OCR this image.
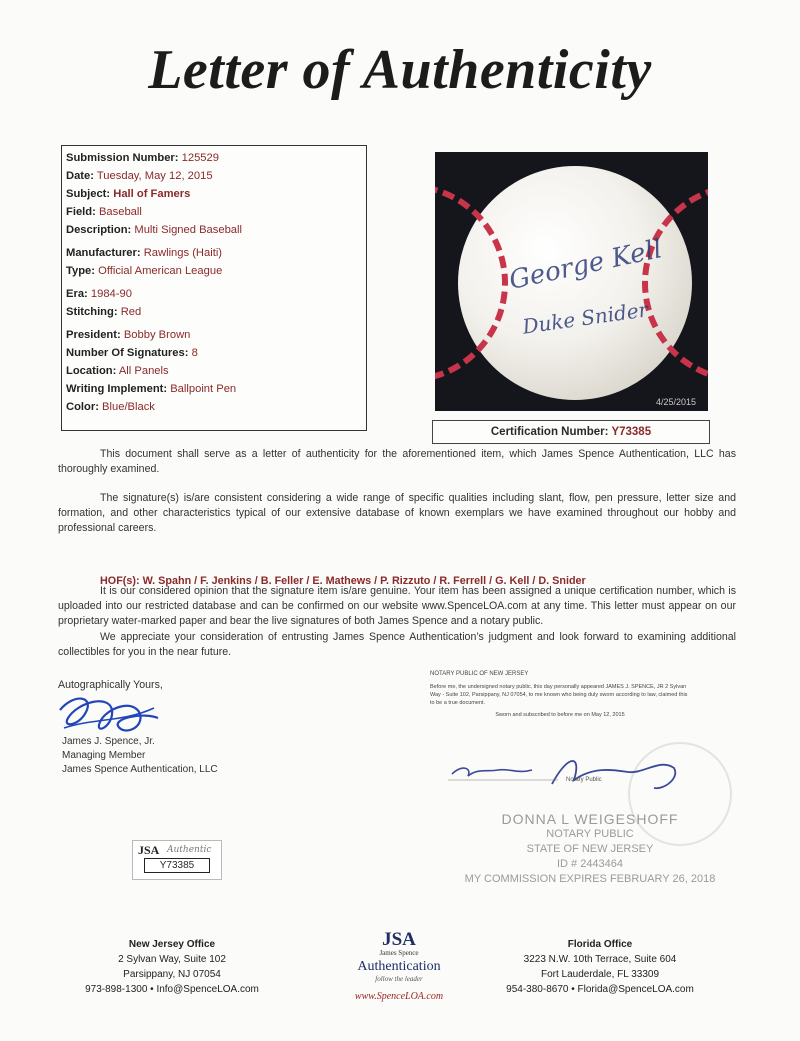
Letter of Authenticity
Submission Number: 125529
Date: Tuesday, May 12, 2015
Subject: Hall of Famers
Field: Baseball
Description: Multi Signed Baseball
Manufacturer: Rawlings (Haiti)
Type: Official American League
Era: 1984-90
Stitching: Red
President: Bobby Brown
Number Of Signatures: 8
Location: All Panels
Writing Implement: Ballpoint Pen
Color: Blue/Black
George Kell
Duke Snider
4/25/2015
Certification Number: Y73385
This document shall serve as a letter of authenticity for the aforementioned item, which James Spence Authentication, LLC has thoroughly examined.
The signature(s) is/are consistent considering a wide range of specific qualities including slant, flow, pen pressure, letter size and formation, and other characteristics typical of our extensive database of known exemplars we have examined throughout our hobby and professional careers.
HOF(s): W. Spahn / F. Jenkins / B. Feller / E. Mathews / P. Rizzuto / R. Ferrell / G. Kell / D. Snider
It is our considered opinion that the signature item is/are genuine. Your item has been assigned a unique certification number, which is uploaded into our restricted database and can be confirmed on our website www.SpenceLOA.com at any time. This letter must appear on our proprietary water-marked paper and bear the live signatures of both James Spence and a notary public.
We appreciate your consideration of entrusting James Spence Authentication’s judgment and look forward to examining additional collectibles for you in the near future.
Autographically Yours,
James J. Spence, Jr.
Managing Member
James Spence Authentication, LLC
NOTARY PUBLIC OF NEW JERSEY
Before me, the undersigned notary public, this day personally appeared JAMES J. SPENCE, JR 2 Sylvan Way - Suite 102, Parsippany, NJ 07054, to me known who being duly sworn according to law, claimed this to be a true document.
Sworn and subscribed to before me on May 12, 2015
Notary Public
DONNA L WEIGESHOFF
NOTARY PUBLIC
STATE OF NEW JERSEY
ID # 2443464
MY COMMISSION EXPIRES FEBRUARY 26, 2018
JSA Authentic
Y73385
New Jersey Office
2 Sylvan Way, Suite 102
Parsippany, NJ 07054
973-898-1300 • Info@SpenceLOA.com
JSA
James Spence
Authentication
follow the leader
www.SpenceLOA.com
Florida Office
3223 N.W. 10th Terrace, Suite 604
Fort Lauderdale, FL 33309
954-380-8670 • Florida@SpenceLOA.com
